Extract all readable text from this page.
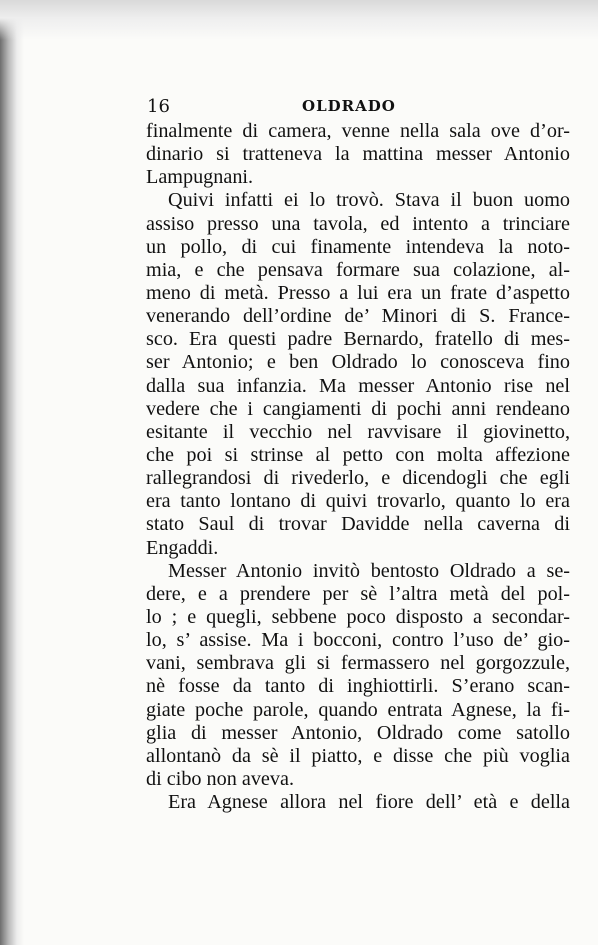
16	OLDRADO
finalmente di camera, venne nella sala ove d’or-
dinario si tratteneva la mattina messer Antonio
Lampugnani.
Quivi infatti ei lo trovò. Stava il buon uomo
assiso presso una tavola, ed intento a trinciare
un pollo, di cui finamente intendeva la noto-
mia, e che pensava formare sua colazione, al-
meno di metà. Presso a lui era un frate d’aspetto
venerando dell’ordine de’ Minori di S. France-
sco. Era questi padre Bernardo, fratello di mes-
ser Antonio; e ben Oldrado lo conosceva fino
dalla sua infanzia. Ma messer Antonio rise nel
vedere che i cangiamenti di pochi anni rendeano
esitante il vecchio nel ravvisare il giovinetto,
che poi si strinse al petto con molta affezione
rallegrandosi di rivederlo, e dicendogli che egli
era tanto lontano di quivi trovarlo, quanto lo era
stato Saul di trovar Davidde nella caverna di
Engaddi.
Messer Antonio invitò bentosto Oldrado a se-
dere, e a prendere per sè l’altra metà del pol-
lo ; e quegli, sebbene poco disposto a secondar-
lo, s’ assise. Ma i bocconi, contro l’uso de’ gio-
vani, sembrava gli si fermassero nel gorgozzule,
nè fosse da tanto di inghiottirli. S’erano scan-
giate poche parole, quando entrata Agnese, la fi-
glia di messer Antonio, Oldrado come satollo
allontanò da sè il piatto, e disse che più voglia
di cibo non aveva.
Era Agnese allora nel fiore dell’ età e della
